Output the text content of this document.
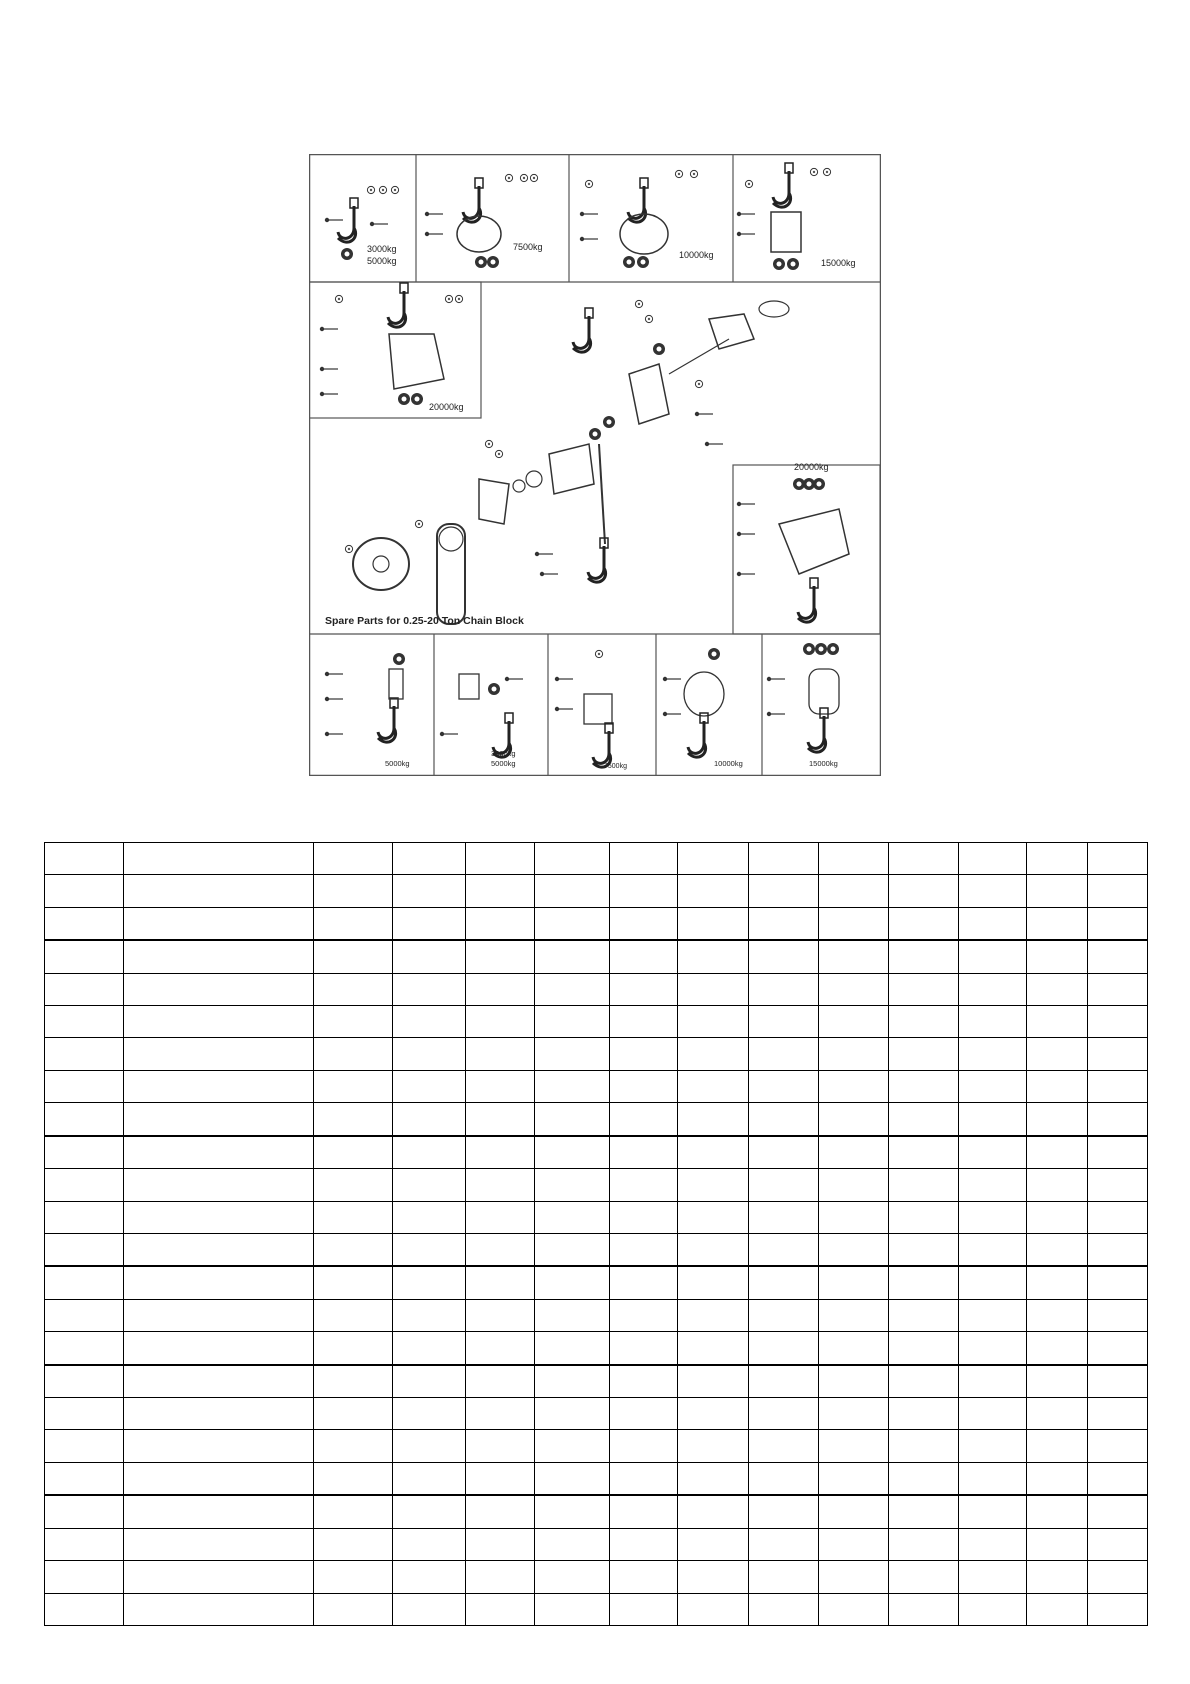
3000kg
5000kg
7500kg
10000kg
15000kg
20000kg
20000kg
Spare Parts for 0.25-20 Ton Chain Block
5000kg
3000kg
5000kg	7500kg	10000kg	15000kg
